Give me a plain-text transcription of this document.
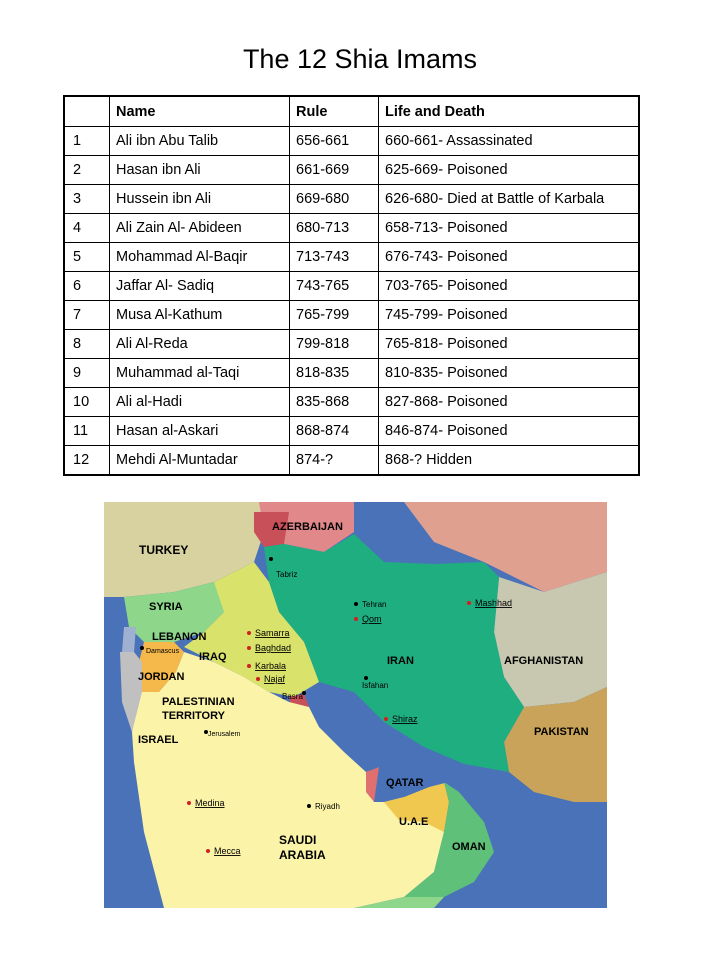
The 12 Shia Imams
	Name	Rule	Life and Death
1	Ali ibn Abu Talib	656-661	660-661- Assassinated
2	Hasan ibn Ali	661-669	625-669- Poisoned
3	Hussein ibn Ali	669-680	626-680- Died at Battle of Karbala
4	Ali Zain Al- Abideen	680-713	658-713- Poisoned
5	Mohammad Al-Baqir	713-743	676-743- Poisoned
6	Jaffar Al- Sadiq	743-765	703-765- Poisoned
7	Musa Al-Kathum	765-799	745-799- Poisoned
8	Ali Al-Reda	799-818	765-818- Poisoned
9	Muhammad al-Taqi	818-835	810-835- Poisoned
10	Ali al-Hadi	835-868	827-868- Poisoned
11	Hasan al-Askari	868-874	846-874- Poisoned
12	Mehdi Al-Muntadar	874-?	868-? Hidden
AZERBAIJAN
TURKEY
SYRIA
LEBANON
IRAQ
JORDAN
PALESTINIAN
TERRITORY
ISRAEL
IRAN	AFGHANISTAN
PAKISTAN
QATAR
U.A.E
OMAN
SAUDI
ARABIA
Tabriz
Tehran
Qom
Mashhad
Samarra
Baghdad
Karbala
Najaf
Basra
Damascus
Jerusalem
Isfahan
Shiraz
Medina	Riyadh
Mecca
